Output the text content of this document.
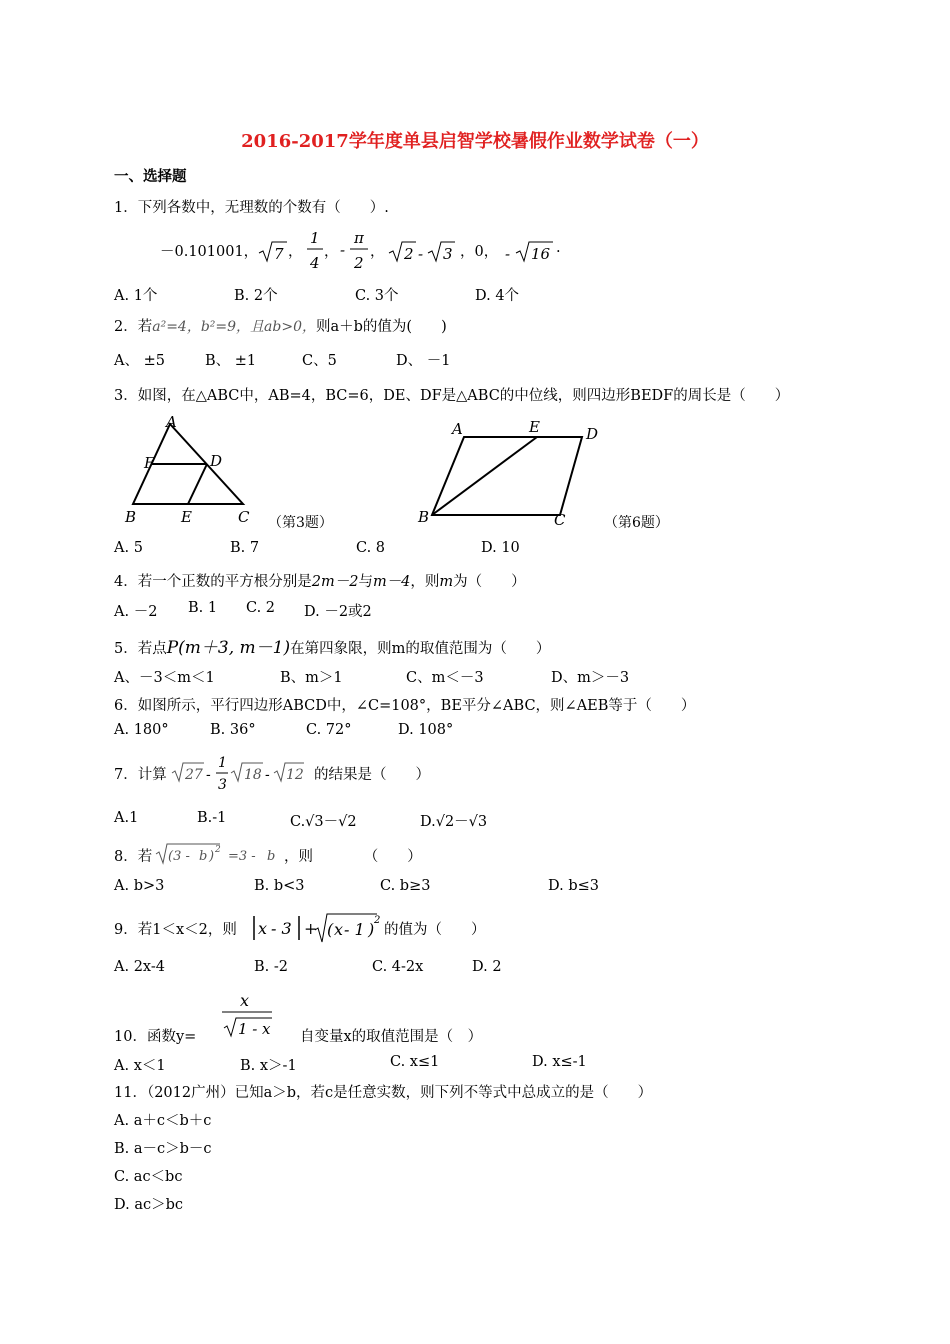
2016-2017学年度单县启智学校暑假作业数学试卷（一）
一、选择题
1．下列各数中，无理数的个数有（　　）.
－0.101001， 7 ，
1
4
， -
π
2
， 2 - 3 ，0， - 16 .
A. 1个	B. 2个	C. 3个	D. 4个
2．若a²=4，b²=9，且ab>0，则a＋b的值为(　　)
A、 ±5	B、 ±1	C、5	D、 －1
3．如图，在△ABC中，AB=4，BC=6，DE、DF是△ABC的中位线，则四边形BEDF的周长是（　　）
A
F	D
B	E	C （第3题）
A	E	D
B	C	（第6题）
A. 5	B. 7	C. 8	D. 10
4．若一个正数的平方根分别是2m－2与m－4，则m为（　　）
A. －2 B. 1 C. 2 D. －2或2
5．若点P(m＋3, m－1)在第四象限，则m的取值范围为（　　）
A、－3＜m＜1	B、m＞1	C、m＜－3	D、m＞－3
6．如图所示，平行四边形ABCD中，∠C=108°，BE平分∠ABC，则∠AEB等于（　　）
A. 180°	B. 36°	C. 72°	D. 108°
7．计算 27 -
1
3
18 - 12 的结果是（　　）
A.1	B.-1	C.√3－√2	D.√2－√3
8．若 (3 - b ) 2 =3 - b ，则　　　　（　　）
A. b>3	B. b<3	C. b≥3	D. b≤3
9．若1＜x＜2，则 x - 3 + ( x - 1 ) 2
的值为（　　）
A. 2x-4	B. -2	C. 4-2x	D. 2
10．函数y=
x
1 - x
√1－x
自变量x的取值范围是（　）
A. x＜1	B. x＞-1	C. x≤1	D. x≤-1
11．（2012广州）已知a＞b，若c是任意实数，则下列不等式中总成立的是（　　）
A. a＋c＜b＋c
B. a－c＞b－c
C. ac＜bc
D. ac＞bc
